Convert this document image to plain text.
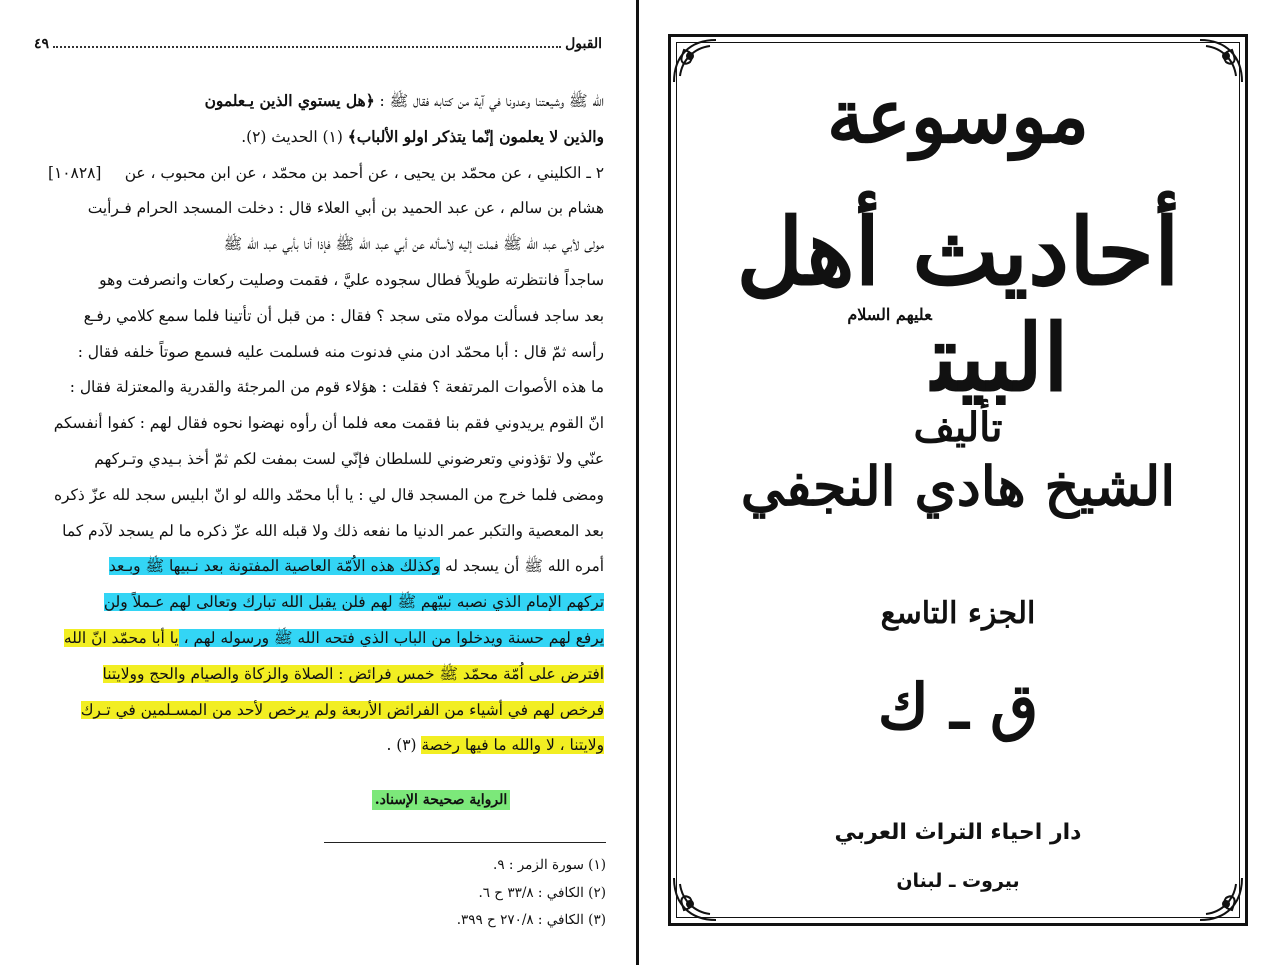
القبول
٤٩
الله ﷺ وشيعتنا وعدونا في آية من كتابه فقال ﷺ : ﴿هل يستوي الذين يـعلمون
والذين لا يعلمون إنّما يتذكر اولو الألباب﴾ (١) الحديث (٢).
[١٠٨٢٨] ٢ ـ الكليني ، عن محمّد بن يحيى ، عن أحمد بن محمّد ، عن ابن محبوب ، عن
هشام بن سالم ، عن عبد الحميد بن أبي العلاء قال : دخلت المسجد الحرام فـرأيت
مولى لأبي عبد الله ﷺ فملت إليه لأسأله عن أبي عبد الله ﷺ فإذا أنا بأبي عبد الله ﷺ
ساجداً فانتظرته طويلاً فطال سجوده عليَّ ، فقمت وصليت ركعات وانصرفت وهو
بعد ساجد فسألت مولاه متى سجد ؟ فقال : من قبل أن تأتينا فلما سمع كلامي رفـع
رأسه ثمّ قال : أبا محمّد ادن مني فدنوت منه فسلمت عليه فسمع صوتاً خلفه فقال :
ما هذه الأصوات المرتفعة ؟ فقلت : هؤلاء قوم من المرجئة والقدرية والمعتزلة فقال :
انّ القوم يريدوني فقم بنا فقمت معه فلما أن رأوه نهضوا نحوه فقال لهم : كفوا أنفسكم
عنّي ولا تؤذوني وتعرضوني للسلطان فإنّي لست بمفت لكم ثمّ أخذ بـيدي وتـركهم
ومضى فلما خرج من المسجد قال لي : يا أبا محمّد والله لو انّ ابليس سجد لله عزّ ذكره
بعد المعصية والتكبر عمر الدنيا ما نفعه ذلك ولا قبله الله عزّ ذكره ما لم يسجد لآدم كما
أمره الله ﷺ أن يسجد له وكذلك هذه الاُمّة العاصية المفتونة بعد نـبيها ﷺ وبـعد
تركهم الإمام الذي نصبه نبيّهم ﷺ لهم فلن يقبل الله تبارك وتعالى لهم عـملاً ولن
يرفع لهم حسنة ويدخلوا من الباب الذي فتحه الله ﷺ ورسوله لهم ، يا أبا محمّد انّ الله
افترض على اُمّة محمّد ﷺ خمس فرائض : الصلاة والزكاة والصيام والحج وولايتنا
فرخص لهم في أشياء من الفرائض الأربعة ولم يرخص لأحد من المسـلمين في تـرك
ولايتنا ، لا والله ما فيها رخصة (٣) .
الرواية صحيحة الإسناد.
(١) سورة الزمر : ٩.
(٢) الكافي : ٣٣/٨ ح ٦.
(٣) الكافي : ٢٧٠/٨ ح ٣٩٩.
موسوعة
أحاديث أهل البيت$^{عليهم السلام}$
تأليف
الشيخ هادي النجفي
الجزء التاسع
ق ـ ك
دار احياء التراث العربي
بيروت ـ لبنان
